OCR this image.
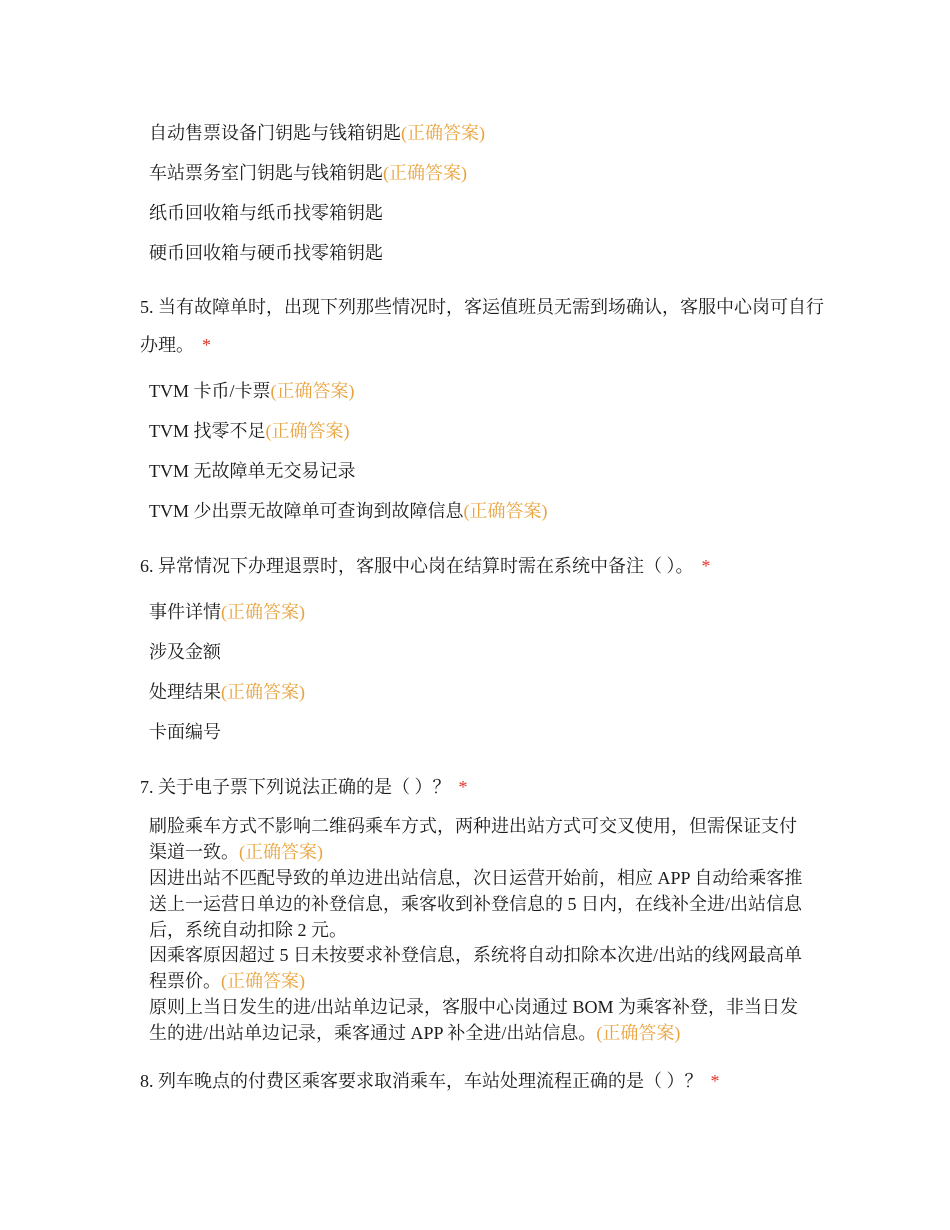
自动售票设备门钥匙与钱箱钥匙(正确答案)
车站票务室门钥匙与钱箱钥匙(正确答案)
纸币回收箱与纸币找零箱钥匙
硬币回收箱与硬币找零箱钥匙
5. 当有故障单时，出现下列那些情况时，客运值班员无需到场确认，客服中心岗可自行办理。 *
TVM 卡币/卡票(正确答案)
TVM 找零不足(正确答案)
TVM 无故障单无交易记录
TVM 少出票无故障单可查询到故障信息(正确答案)
6. 异常情况下办理退票时，客服中心岗在结算时需在系统中备注（ ）。 *
事件详情(正确答案)
涉及金额
处理结果(正确答案)
卡面编号
7. 关于电子票下列说法正确的是（ ）？ *
刷脸乘车方式不影响二维码乘车方式，两种进出站方式可交叉使用，但需保证支付渠道一致。(正确答案)
因进出站不匹配导致的单边进出站信息，次日运营开始前，相应 APP 自动给乘客推送上一运营日单边的补登信息，乘客收到补登信息的 5 日内，在线补全进/出站信息后，系统自动扣除 2 元。
因乘客原因超过 5 日未按要求补登信息，系统将自动扣除本次进/出站的线网最高单程票价。(正确答案)
原则上当日发生的进/出站单边记录，客服中心岗通过 BOM 为乘客补登，非当日发生的进/出站单边记录，乘客通过 APP 补全进/出站信息。(正确答案)
8. 列车晚点的付费区乘客要求取消乘车，车站处理流程正确的是（ ）？ *
